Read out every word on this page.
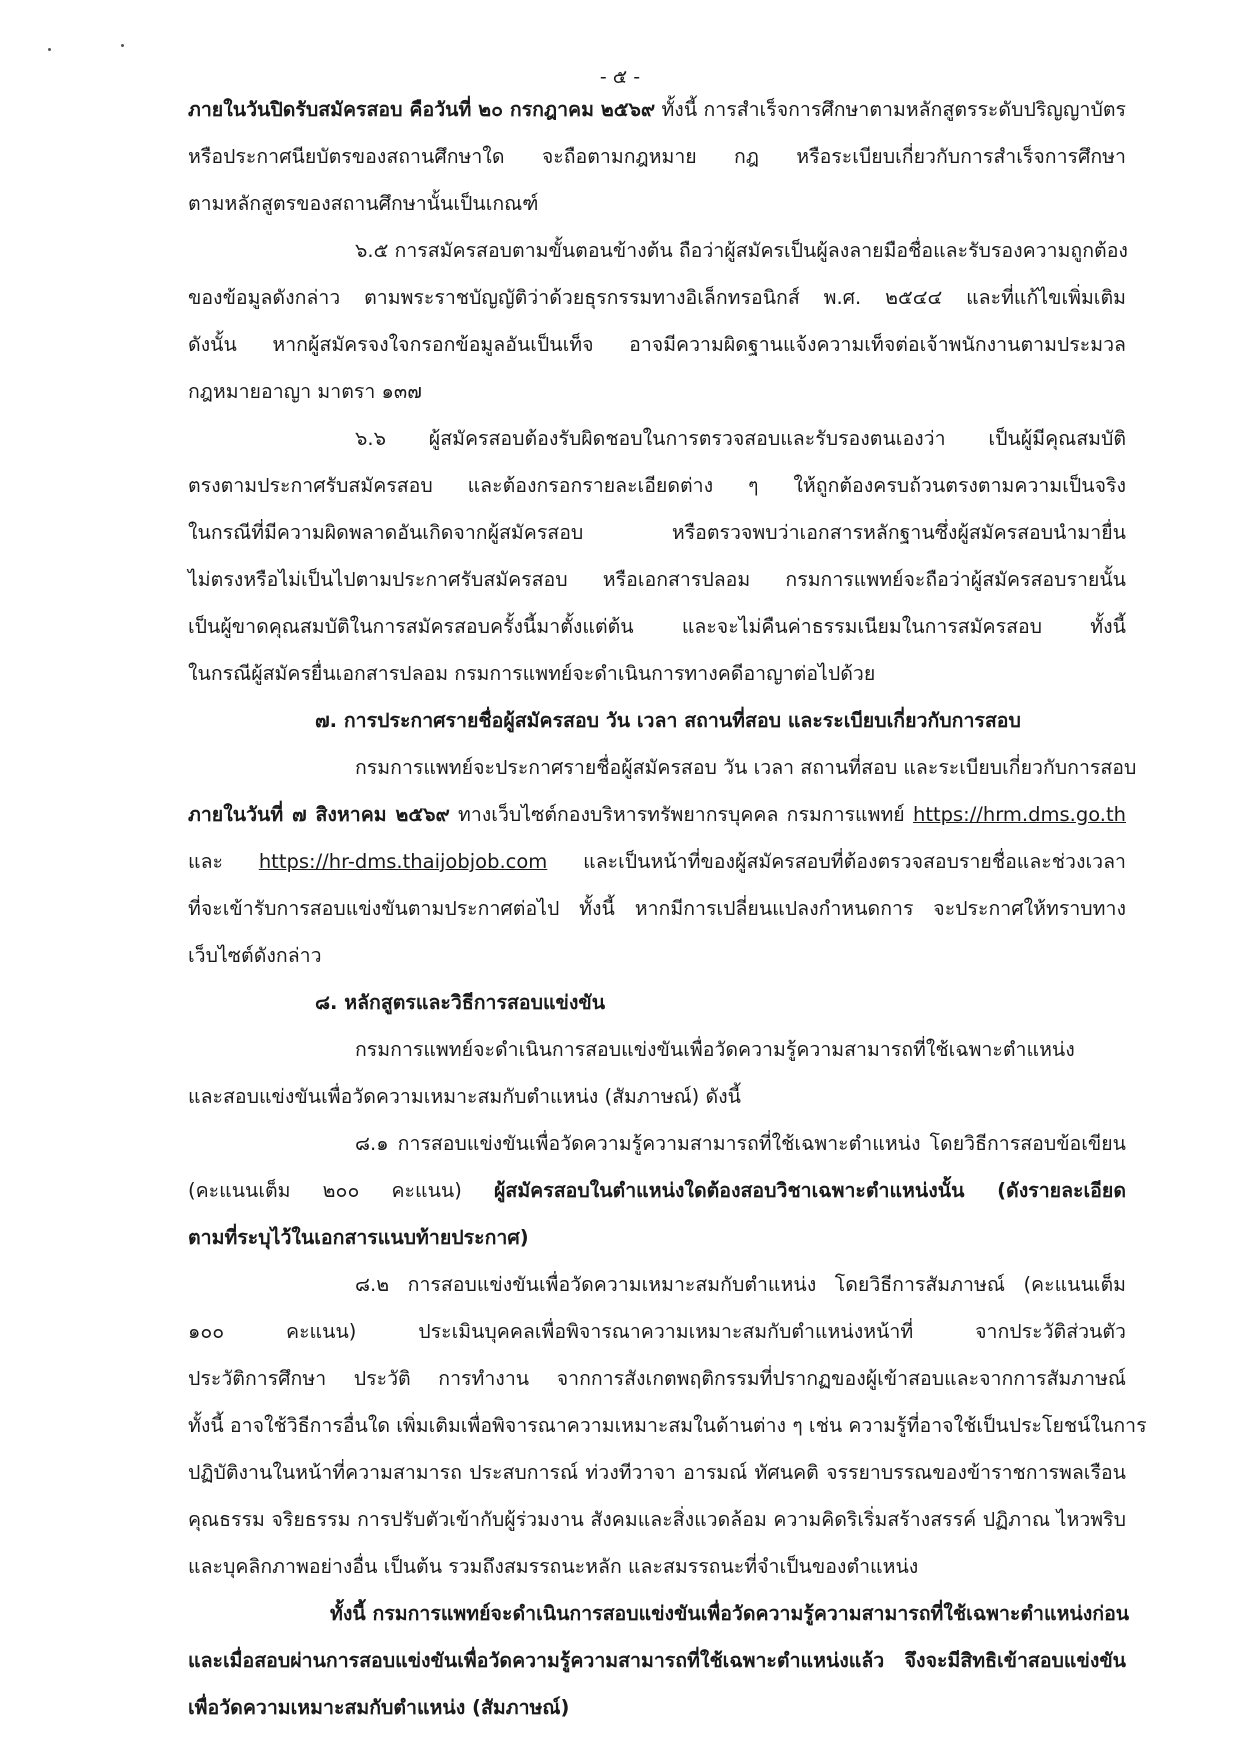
- ๕ -
ภายในวันปิดรับสมัครสอบ คือวันที่ ๒๐ กรกฎาคม ๒๕๖๙ ทั้งนี้ การสำเร็จการศึกษาตามหลักสูตรระดับปริญญาบัตร
หรือประกาศนียบัตรของสถานศึกษาใด จะถือตามกฎหมาย กฎ หรือระเบียบเกี่ยวกับการสำเร็จการศึกษา
ตามหลักสูตรของสถานศึกษานั้นเป็นเกณฑ์
๖.๕ การสมัครสอบตามขั้นตอนข้างต้น ถือว่าผู้สมัครเป็นผู้ลงลายมือชื่อและรับรองความถูกต้อง
ของข้อมูลดังกล่าว ตามพระราชบัญญัติว่าด้วยธุรกรรมทางอิเล็กทรอนิกส์ พ.ศ. ๒๕๔๔ และที่แก้ไขเพิ่มเติม
ดังนั้น หากผู้สมัครจงใจกรอกข้อมูลอันเป็นเท็จ อาจมีความผิดฐานแจ้งความเท็จต่อเจ้าพนักงานตามประมวล
กฎหมายอาญา มาตรา ๑๓๗
๖.๖ ผู้สมัครสอบต้องรับผิดชอบในการตรวจสอบและรับรองตนเองว่า เป็นผู้มีคุณสมบัติ
ตรงตามประกาศรับสมัครสอบ และต้องกรอกรายละเอียดต่าง ๆ ให้ถูกต้องครบถ้วนตรงตามความเป็นจริง
ในกรณีที่มีความผิดพลาดอันเกิดจากผู้สมัครสอบ หรือตรวจพบว่าเอกสารหลักฐานซึ่งผู้สมัครสอบนำมายื่น
ไม่ตรงหรือไม่เป็นไปตามประกาศรับสมัครสอบ หรือเอกสารปลอม กรมการแพทย์จะถือว่าผู้สมัครสอบรายนั้น
เป็นผู้ขาดคุณสมบัติในการสมัครสอบครั้งนี้มาตั้งแต่ต้น และจะไม่คืนค่าธรรมเนียมในการสมัครสอบ ทั้งนี้
ในกรณีผู้สมัครยื่นเอกสารปลอม กรมการแพทย์จะดำเนินการทางคดีอาญาต่อไปด้วย
๗. การประกาศรายชื่อผู้สมัครสอบ วัน เวลา สถานที่สอบ และระเบียบเกี่ยวกับการสอบ
กรมการแพทย์จะประกาศรายชื่อผู้สมัครสอบ วัน เวลา สถานที่สอบ และระเบียบเกี่ยวกับการสอบ
ภายในวันที่ ๗ สิงหาคม ๒๕๖๙ ทางเว็บไซต์กองบริหารทรัพยากรบุคคล กรมการแพทย์ https://hrm.dms.go.th
และ https://hr-dms.thaijobjob.com และเป็นหน้าที่ของผู้สมัครสอบที่ต้องตรวจสอบรายชื่อและช่วงเวลา
ที่จะเข้ารับการสอบแข่งขันตามประกาศต่อไป ทั้งนี้ หากมีการเปลี่ยนแปลงกำหนดการ จะประกาศให้ทราบทาง
เว็บไซต์ดังกล่าว
๘. หลักสูตรและวิธีการสอบแข่งขัน
กรมการแพทย์จะดำเนินการสอบแข่งขันเพื่อวัดความรู้ความสามารถที่ใช้เฉพาะตำแหน่ง
และสอบแข่งขันเพื่อวัดความเหมาะสมกับตำแหน่ง (สัมภาษณ์) ดังนี้
๘.๑ การสอบแข่งขันเพื่อวัดความรู้ความสามารถที่ใช้เฉพาะตำแหน่ง โดยวิธีการสอบข้อเขียน
(คะแนนเต็ม ๒๐๐ คะแนน) ผู้สมัครสอบในตำแหน่งใดต้องสอบวิชาเฉพาะตำแหน่งนั้น (ดังรายละเอียด
ตามที่ระบุไว้ในเอกสารแนบท้ายประกาศ)
๘.๒ การสอบแข่งขันเพื่อวัดความเหมาะสมกับตำแหน่ง โดยวิธีการสัมภาษณ์ (คะแนนเต็ม
๑๐๐ คะแนน) ประเมินบุคคลเพื่อพิจารณาความเหมาะสมกับตำแหน่งหน้าที่ จากประวัติส่วนตัว
ประวัติการศึกษา ประวัติ การทำงาน จากการสังเกตพฤติกรรมที่ปรากฏของผู้เข้าสอบและจากการสัมภาษณ์
ทั้งนี้ อาจใช้วิธีการอื่นใด เพิ่มเติมเพื่อพิจารณาความเหมาะสมในด้านต่าง ๆ เช่น ความรู้ที่อาจใช้เป็นประโยชน์ในการ
ปฏิบัติงานในหน้าที่ความสามารถ ประสบการณ์ ท่วงทีวาจา อารมณ์ ทัศนคติ จรรยาบรรณของข้าราชการพลเรือน
คุณธรรม จริยธรรม การปรับตัวเข้ากับผู้ร่วมงาน สังคมและสิ่งแวดล้อม ความคิดริเริ่มสร้างสรรค์ ปฏิภาณ ไหวพริบ
และบุคลิกภาพอย่างอื่น เป็นต้น รวมถึงสมรรถนะหลัก และสมรรถนะที่จำเป็นของตำแหน่ง
ทั้งนี้ กรมการแพทย์จะดำเนินการสอบแข่งขันเพื่อวัดความรู้ความสามารถที่ใช้เฉพาะตำแหน่งก่อน
และเมื่อสอบผ่านการสอบแข่งขันเพื่อวัดความรู้ความสามารถที่ใช้เฉพาะตำแหน่งแล้ว จึงจะมีสิทธิเข้าสอบแข่งขัน
เพื่อวัดความเหมาะสมกับตำแหน่ง (สัมภาษณ์)
